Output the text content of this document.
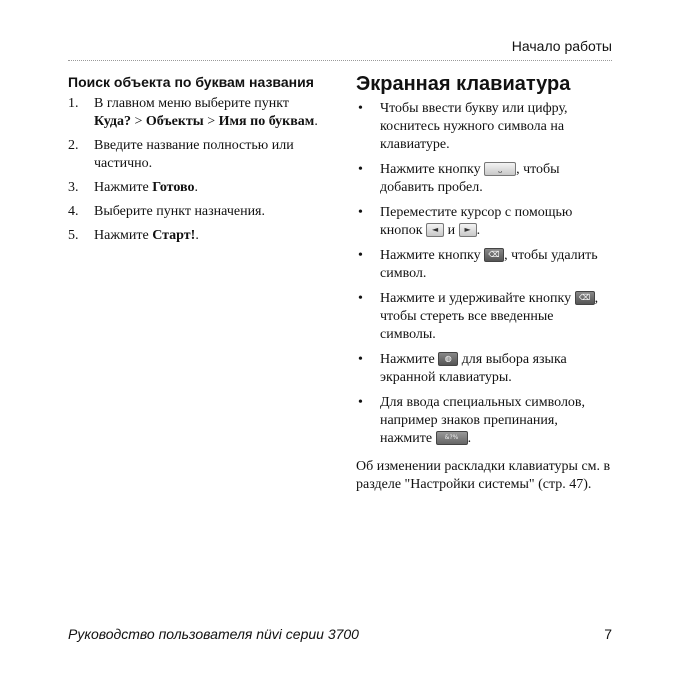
Начало работы
Поиск объекта по буквам названия
1. В главном меню выберите пункт
Куда? > Объекты > Имя по буквам.
2. Введите название полностью или частично.
3. Нажмите Готово.
4. Выберите пункт назначения.
5. Нажмите Старт!.
Экранная клавиатура
• Чтобы ввести букву или цифру, коснитесь нужного символа на клавиатуре.
• Нажмите кнопку ⎵ , чтобы добавить пробел.
• Переместите курсор с помощью кнопок ◄ и ► .
• Нажмите кнопку ⌫ , чтобы удалить символ.
• Нажмите и удерживайте кнопку ⌫ , чтобы стереть все введенные символы.
• Нажмите ◍ для выбора языка экранной клавиатуры.
• Для ввода специальных символов, например знаков препинания, нажмите &?% .
Об изменении раскладки клавиатуры см. в разделе "Настройки системы" (стр. 47).
Руководство пользователя nüvi серии 3700	7
